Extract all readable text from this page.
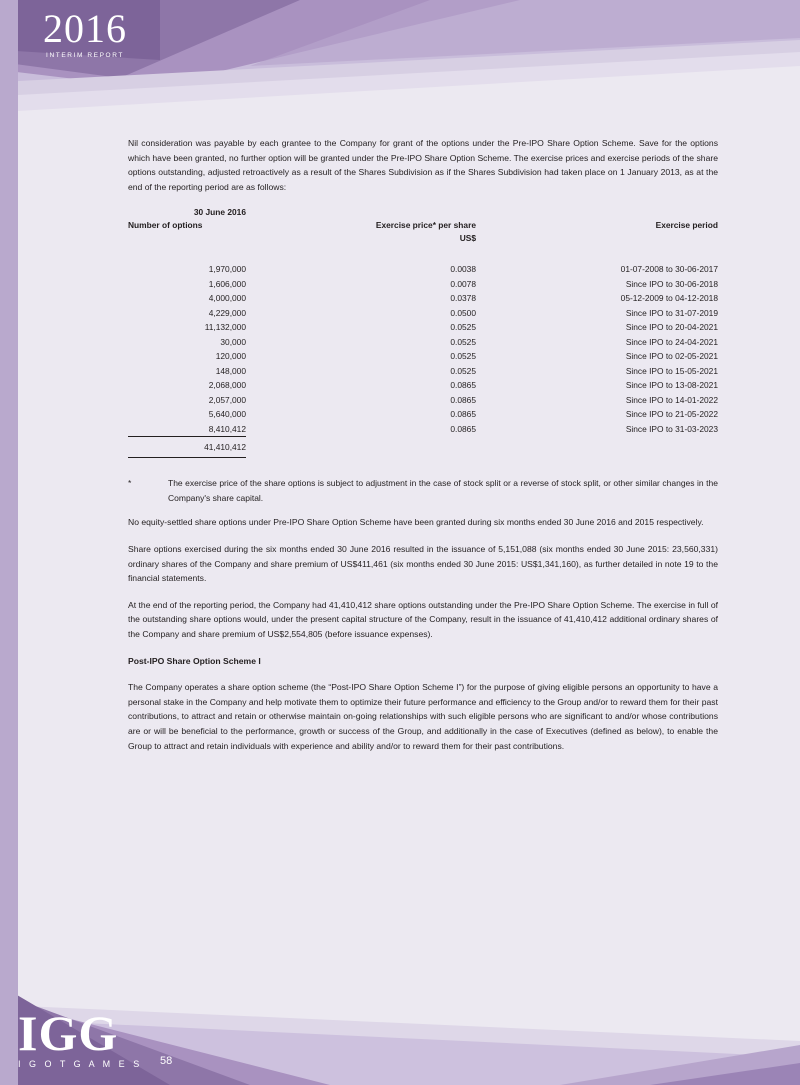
2016
INTERIM REPORT

Nil consideration was payable by each grantee to the Company for grant of the options under the Pre-IPO Share Option Scheme. Save for the options which have been granted, no further option will be granted under the Pre-IPO Share Option Scheme. The exercise prices and exercise periods of the share options outstanding, adjusted retroactively as a result of the Shares Subdivision as if the Shares Subdivision had taken place on 1 January 2013, as at the end of the reporting period are as follows:

30 June 2016		
Number of options	Exercise price* per share	Exercise period
	US$	

1,970,000	0.0038	01-07-2008 to 30-06-2017
1,606,000	0.0078	Since IPO to 30-06-2018
4,000,000	0.0378	05-12-2009 to 04-12-2018
4,229,000	0.0500	Since IPO to 31-07-2019
11,132,000	0.0525	Since IPO to 20-04-2021
30,000	0.0525	Since IPO to 24-04-2021
120,000	0.0525	Since IPO to 02-05-2021
148,000	0.0525	Since IPO to 15-05-2021
2,068,000	0.0865	Since IPO to 13-08-2021
2,057,000	0.0865	Since IPO to 14-01-2022
5,640,000	0.0865	Since IPO to 21-05-2022
8,410,412	0.0865	Since IPO to 31-03-2023
41,410,412		
*	The exercise price of the share options is subject to adjustment in the case of stock split or a reverse of stock split, or other similar changes in the Company's share capital.

No equity-settled share options under Pre-IPO Share Option Scheme have been granted during six months ended 30 June 2016 and 2015 respectively.

Share options exercised during the six months ended 30 June 2016 resulted in the issuance of 5,151,088 (six months ended 30 June 2015: 23,560,331) ordinary shares of the Company and share premium of US$411,461 (six months ended 30 June 2015: US$1,341,160), as further detailed in note 19 to the financial statements.

At the end of the reporting period, the Company had 41,410,412 share options outstanding under the Pre-IPO Share Option Scheme. The exercise in full of the outstanding share options would, under the present capital structure of the Company, result in the issuance of 41,410,412 additional ordinary shares of the Company and share premium of US$2,554,805 (before issuance expenses).

Post-IPO Share Option Scheme I

The Company operates a share option scheme (the “Post-IPO Share Option Scheme I”) for the purpose of giving eligible persons an opportunity to have a personal stake in the Company and help motivate them to optimize their future performance and efficiency to the Group and/or to reward them for their past contributions, to attract and retain or otherwise maintain on-going relationships with such eligible persons who are significant to and/or whose contributions are or will be beneficial to the performance, growth or success of the Group, and additionally in the case of Executives (defined as below), to enable the Group to attract and retain individuals with experience and ability and/or to reward them for their past contributions.

IGG
I G O T G A M E S 58
